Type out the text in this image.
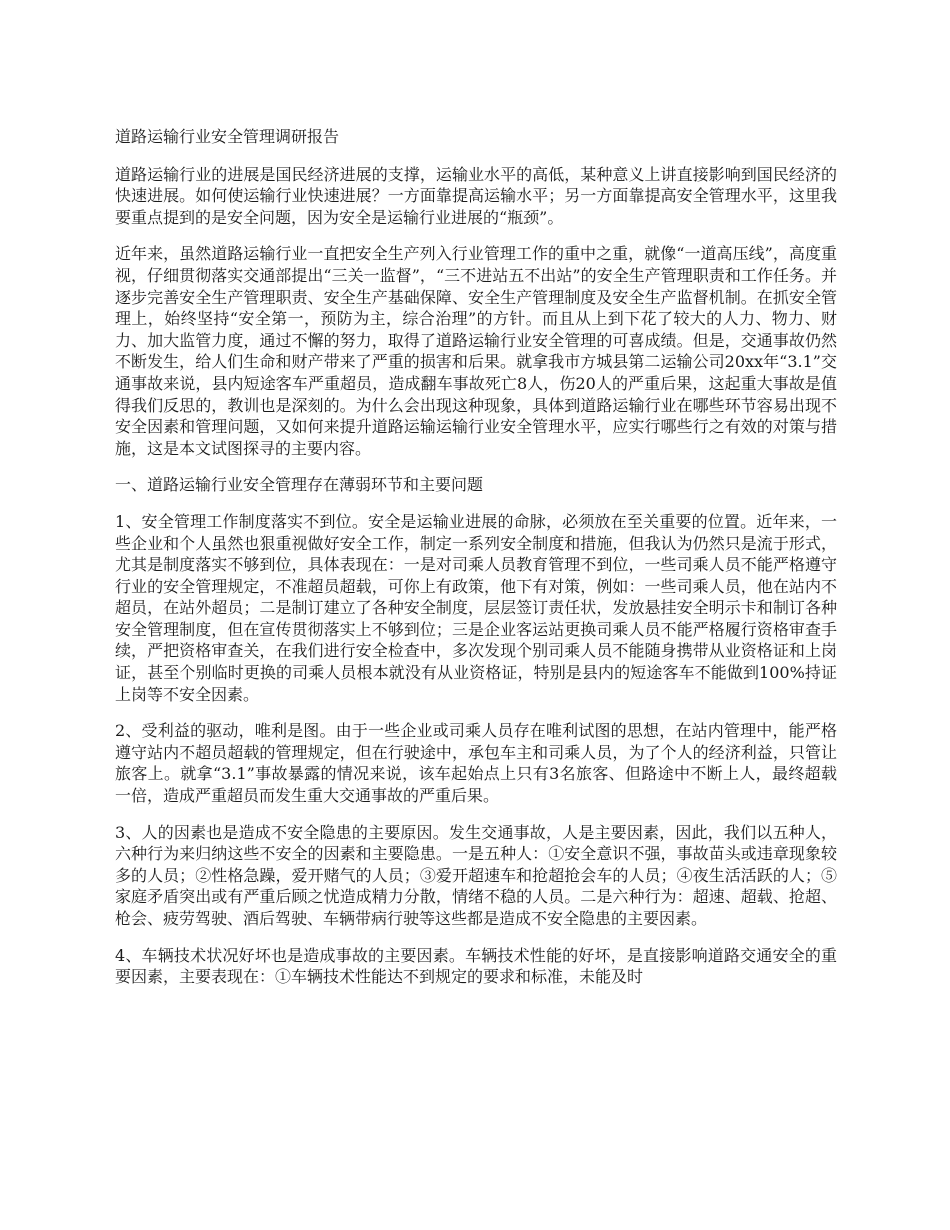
道路运输行业安全管理调研报告

道路运输行业的进展是国民经济进展的支撑，运输业水平的高低，某种意义上讲直接影响到国民经济的快速进展。如何使运输行业快速进展？一方面靠提高运输水平；另一方面靠提高安全管理水平，这里我要重点提到的是安全问题，因为安全是运输行业进展的“瓶颈”。

近年来，虽然道路运输行业一直把安全生产列入行业管理工作的重中之重，就像“一道高压线”，高度重视，仔细贯彻落实交通部提出“三关一监督”，“三不进站五不出站”的安全生产管理职责和工作任务。并逐步完善安全生产管理职责、安全生产基础保障、安全生产管理制度及安全生产监督机制。在抓安全管理上，始终坚持“安全第一，预防为主，综合治理”的方针。而且从上到下花了较大的人力、物力、财力、加大监管力度，通过不懈的努力，取得了道路运输行业安全管理的可喜成绩。但是，交通事故仍然不断发生，给人们生命和财产带来了严重的损害和后果。就拿我市方城县第二运输公司20xx年“3.1”交通事故来说，县内短途客车严重超员，造成翻车事故死亡8人，伤20人的严重后果，这起重大事故是值得我们反思的，教训也是深刻的。为什么会出现这种现象，具体到道路运输行业在哪些环节容易出现不安全因素和管理问题，又如何来提升道路运输运输行业安全管理水平，应实行哪些行之有效的对策与措施，这是本文试图探寻的主要内容。

一、道路运输行业安全管理存在薄弱环节和主要问题

1、安全管理工作制度落实不到位。安全是运输业进展的命脉，必须放在至关重要的位置。近年来，一些企业和个人虽然也狠重视做好安全工作，制定一系列安全制度和措施，但我认为仍然只是流于形式，尤其是制度落实不够到位，具体表现在：一是对司乘人员教育管理不到位，一些司乘人员不能严格遵守行业的安全管理规定，不准超员超载，可你上有政策，他下有对策，例如：一些司乘人员，他在站内不超员，在站外超员；二是制订建立了各种安全制度，层层签订责任状，发放悬挂安全明示卡和制订各种安全管理制度，但在宣传贯彻落实上不够到位；三是企业客运站更换司乘人员不能严格履行资格审查手续，严把资格审查关，在我们进行安全检查中，多次发现个别司乘人员不能随身携带从业资格证和上岗证，甚至个别临时更换的司乘人员根本就没有从业资格证，特别是县内的短途客车不能做到100%持证上岗等不安全因素。

2、受利益的驱动，唯利是图。由于一些企业或司乘人员存在唯利试图的思想，在站内管理中，能严格遵守站内不超员超载的管理规定，但在行驶途中，承包车主和司乘人员，为了个人的经济利益，只管让旅客上。就拿“3.1”事故暴露的情况来说，该车起始点上只有3名旅客、但路途中不断上人，最终超载一倍，造成严重超员而发生重大交通事故的严重后果。

3、人的因素也是造成不安全隐患的主要原因。发生交通事故，人是主要因素，因此，我们以五种人，六种行为来归纳这些不安全的因素和主要隐患。一是五种人：①安全意识不强，事故苗头或违章现象较多的人员；②性格急躁，爱开赌气的人员；③爱开超速车和抢超抢会车的人员；④夜生活活跃的人；⑤家庭矛盾突出或有严重后顾之忧造成精力分散，情绪不稳的人员。二是六种行为：超速、超载、抢超、枪会、疲劳驾驶、酒后驾驶、车辆带病行驶等这些都是造成不安全隐患的主要因素。

4、车辆技术状况好坏也是造成事故的主要因素。车辆技术性能的好坏，是直接影响道路交通安全的重要因素，主要表现在：①车辆技术性能达不到规定的要求和标准，未能及时
